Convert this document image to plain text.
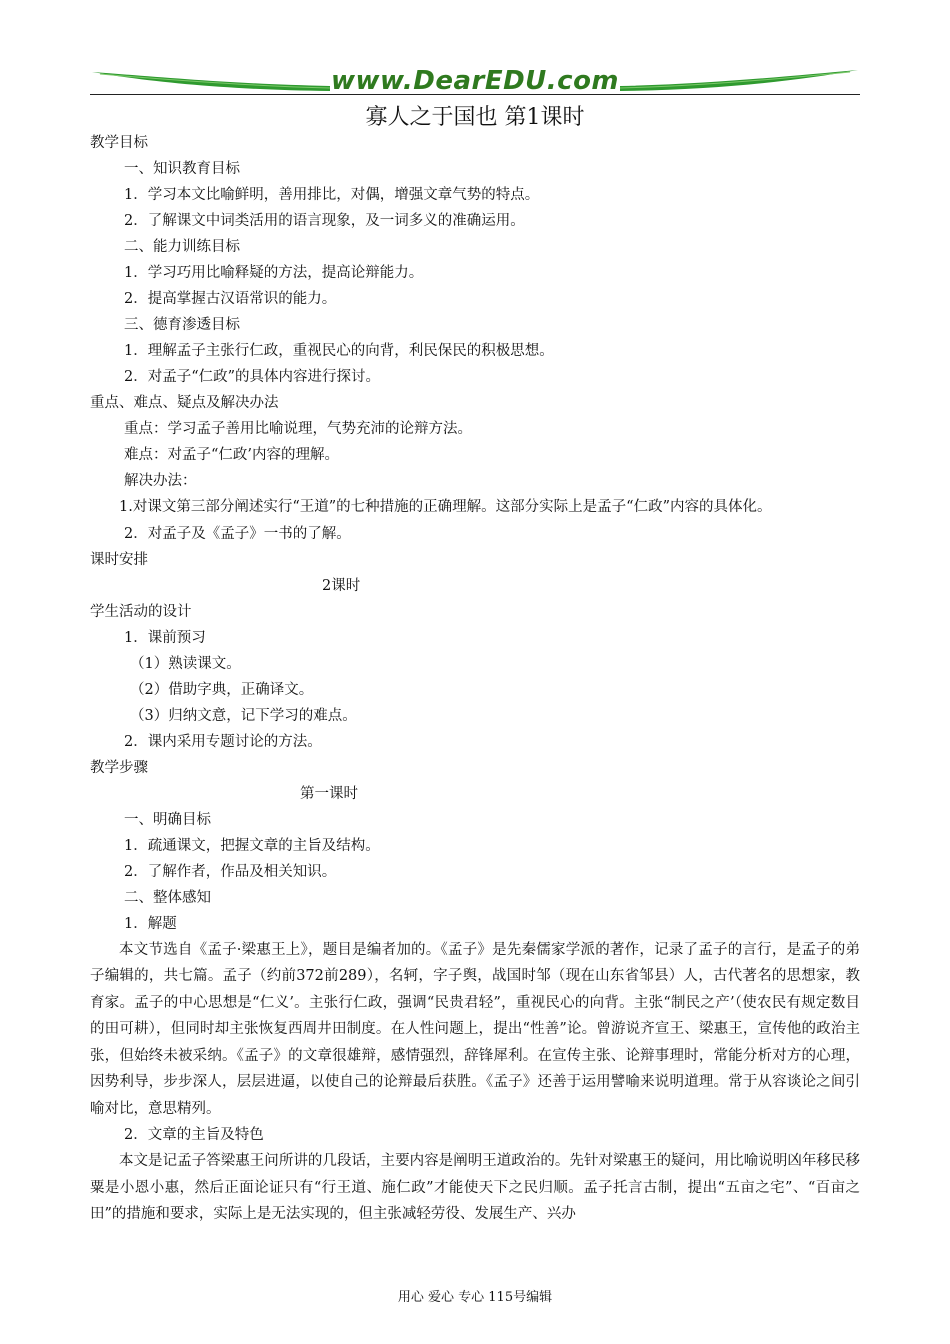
www.DearEDU.com
寡人之于国也 第1课时
教学目标
一、知识教育目标
1．学习本文比喻鲜明，善用排比，对偶，增强文章气势的特点。
2．了解课文中词类活用的语言现象，及一词多义的准确运用。
二、能力训练目标
1．学习巧用比喻释疑的方法，提高论辩能力。
2．提高掌握古汉语常识的能力。
三、德育渗透目标
1．理解孟子主张行仁政，重视民心的向背，利民保民的积极思想。
2．对孟子“仁政”的具体内容进行探讨。
重点、难点、疑点及解决办法
重点：学习孟子善用比喻说理，气势充沛的论辩方法。
难点：对孟子“仁政’内容的理解。
解决办法：
1.对课文第三部分阐述实行“王道”的七种措施的正确理解。这部分实际上是孟子“仁政”内容的具体化。
2．对孟子及《孟子》一书的了解。
课时安排
2课时
学生活动的设计
1．课前预习
（1）熟读课文。
（2）借助字典，正确译文。
（3）归纳文意，记下学习的难点。
2．课内采用专题讨论的方法。
教学步骤
第一课时
一、明确目标
1．疏通课文，把握文章的主旨及结构。
2．了解作者，作品及相关知识。
二、整体感知
1．解题
本文节选自《孟子·梁惠王上》，题目是编者加的。《孟子》是先秦儒家学派的著作，记录了孟子的言行，是孟子的弟子编辑的，共七篇。孟子（约前372前289），名轲，字子舆，战国时邹（现在山东省邹县）人，古代著名的思想家，教育家。孟子的中心思想是“仁义’。主张行仁政，强调“民贵君轻”，重视民心的向背。主张“制民之产’（使农民有规定数目的田可耕），但同时却主张恢复西周井田制度。在人性问题上，提出“性善”论。曾游说齐宣王、梁惠王，宣传他的政治主张，但始终未被采纳。《孟子》的文章很雄辩，感情强烈，辞锋犀利。在宣传主张、论辩事理时，常能分析对方的心理，因势利导，步步深人，层层进逼，以使自己的论辩最后获胜。《孟子》还善于运用譬喻来说明道理。常于从容谈论之间引喻对比，意思精列。
2．文章的主旨及特色
本文是记孟子答梁惠王问所讲的几段话，主要内容是阐明王道政治的。先针对梁惠王的疑问，用比喻说明凶年移民移粟是小恩小惠，然后正面论证只有“行王道、施仁政”才能使天下之民归顺。孟子托言古制，提出“五亩之宅”、“百亩之田”的措施和要求，实际上是无法实现的，但主张减轻劳役、发展生产、兴办
用心 爱心 专心 115号编辑
